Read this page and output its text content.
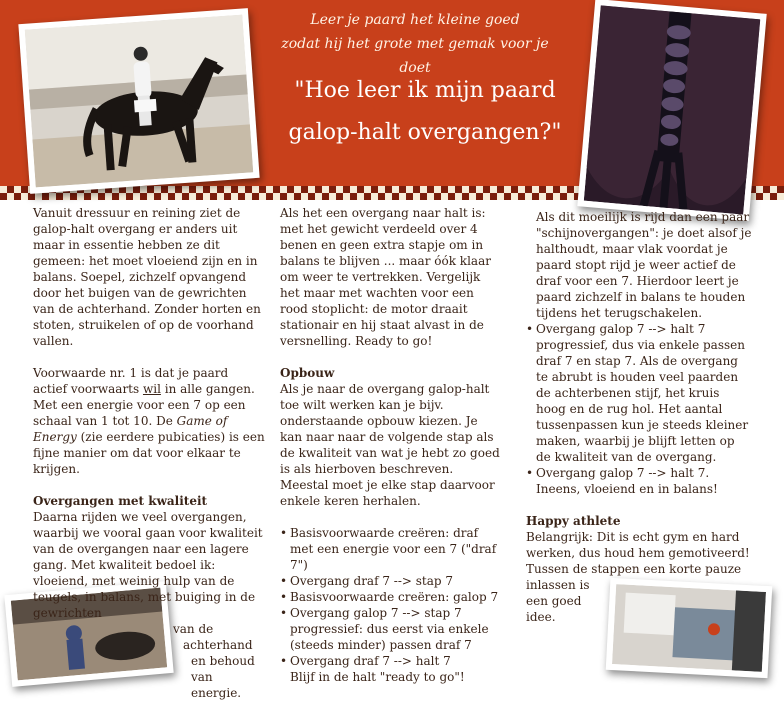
Leer je paard het kleine goed
zodat hij het grote met gemak voor je doet
"Hoe leer ik mijn paard
galop-halt overgangen?"

Vanuit dressuur en reining ziet de galop-halt overgang er anders uit maar in essentie hebben ze dit gemeen: het moet vloeiend zijn en in balans. Soepel, zichzelf opvangend door het buigen van de gewrichten van de achterhand. Zonder horten en stoten, struikelen of op de voorhand vallen.

Voorwaarde nr. 1 is dat je paard actief voorwaarts wil in alle gangen. Met een energie voor een 7 op een schaal van 1 tot 10. De Game of Energy (zie eerdere pubicaties) is een fijne manier om dat voor elkaar te krijgen.

Overgangen met kwaliteit
Daarna rijden we veel overgangen, waarbij we vooral gaan voor kwaliteit van de overgangen naar een lagere gang. Met kwaliteit bedoel ik: vloeiend, met weinig hulp van de teugels, in balans, met buiging in de gewrichten
van de
achterhand
en behoud
van energie.

Als het een overgang naar halt is: met het gewicht verdeeld over 4 benen en geen extra stapje om in balans te blijven ... maar óók klaar om weer te vertrekken. Vergelijk het maar met wachten voor een rood stoplicht: de motor draait stationair en hij staat alvast in de versnelling. Ready to go!

Opbouw

Als je naar de overgang galop-halt toe wilt werken kan je bijv. onderstaande opbouw kiezen. Je kan naar naar de volgende stap als de kwaliteit van wat je hebt zo goed is als hierboven beschreven. Meestal moet je elke stap daarvoor enkele keren herhalen.

• Basisvoorwaarde creëren: draf met een energie voor een 7 ("draf 7")
• Overgang draf 7 --> stap 7
• Basisvoorwaarde creëren: galop 7
• Overgang galop 7 --> stap 7 progressief: dus eerst via enkele (steeds minder) passen draf 7
• Overgang draf 7 --> halt 7
Blijf in de halt "ready to go"!
Als dit moeilijk is rijd dan een paar "schijnovergangen": je doet alsof je halthoudt, maar vlak voordat je paard stopt rijd je weer actief de draf voor een 7. Hierdoor leert je paard zichzelf in balans te houden tijdens het terugschakelen.
• Overgang galop 7 --> halt 7 progressief, dus via enkele passen draf 7 en stap 7. Als de overgang te abrubt is houden veel paarden de achterbenen stijf, het kruis hoog en de rug hol. Het aantal tussenpassen kun je steeds kleiner maken, waarbij je blijft letten op de kwaliteit van de overgang.
• Overgang galop 7 --> halt 7. Ineens, vloeiend en in balans!
Happy athlete
Belangrijk: Dit is echt gym en hard werken, dus houd hem gemotiveerd! Tussen de stappen een korte pauze
inlassen is
een goed
idee.
